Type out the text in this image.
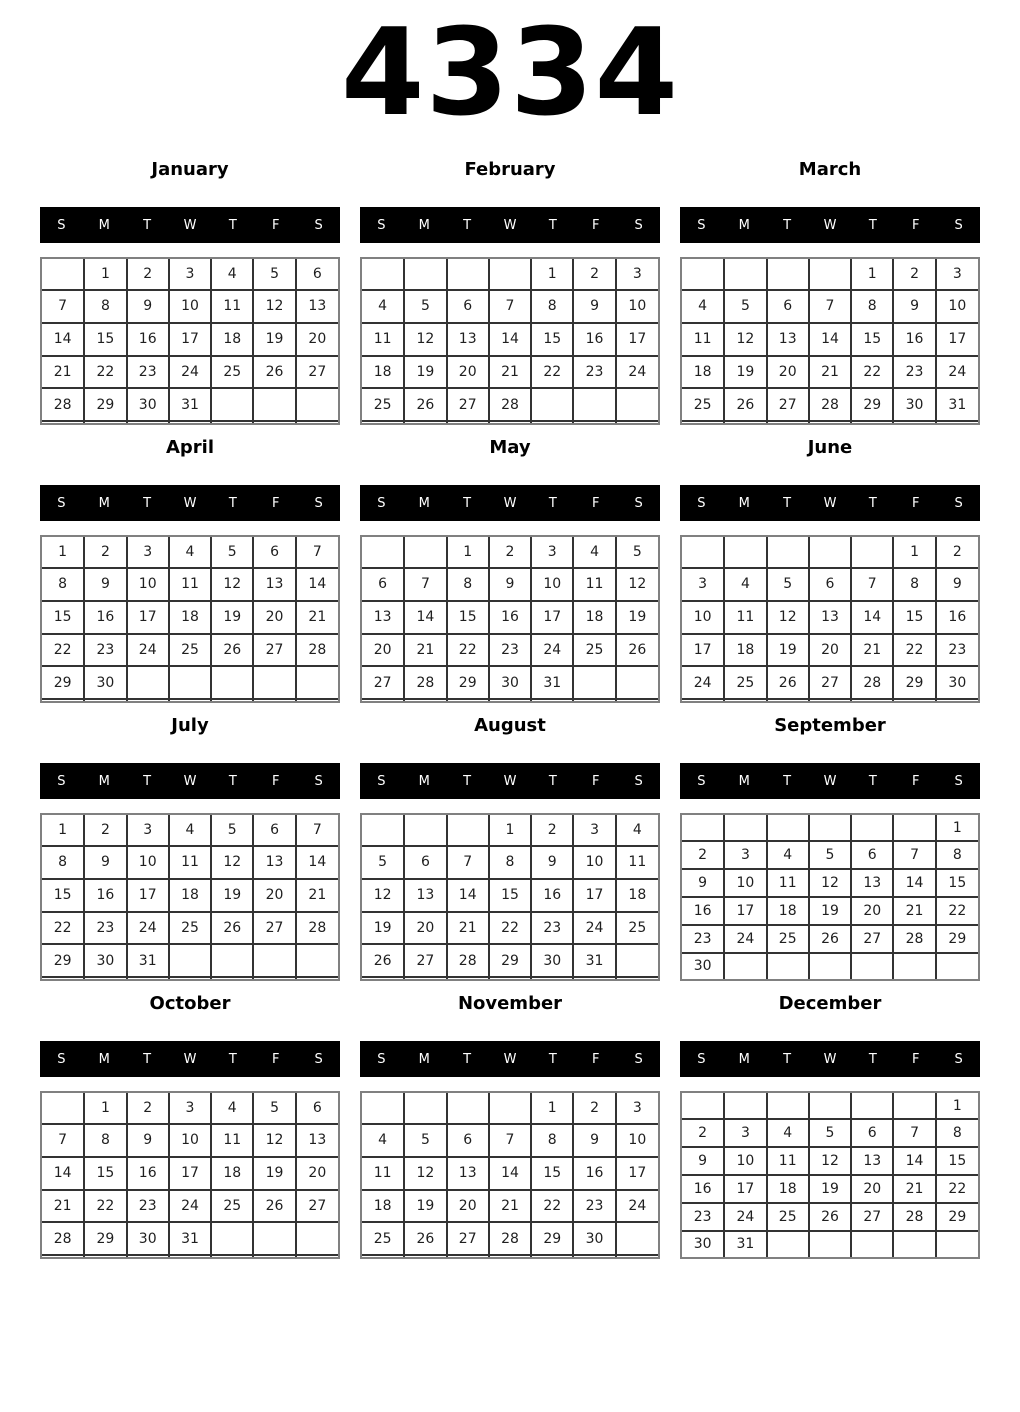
4334
January
S	M	T	W	T	F	S
	1	2	3	4	5	6
7	8	9	10	11	12	13
14	15	16	17	18	19	20
21	22	23	24	25	26	27
28	29	30	31			

February
S	M	T	W	T	F	S
				1	2	3
4	5	6	7	8	9	10
11	12	13	14	15	16	17
18	19	20	21	22	23	24
25	26	27	28			

March
S	M	T	W	T	F	S
				1	2	3
4	5	6	7	8	9	10
11	12	13	14	15	16	17
18	19	20	21	22	23	24
25	26	27	28	29	30	31

April
S	M	T	W	T	F	S
1	2	3	4	5	6	7
8	9	10	11	12	13	14
15	16	17	18	19	20	21
22	23	24	25	26	27	28
29	30					

May
S	M	T	W	T	F	S
		1	2	3	4	5
6	7	8	9	10	11	12
13	14	15	16	17	18	19
20	21	22	23	24	25	26
27	28	29	30	31		

June
S	M	T	W	T	F	S
					1	2
3	4	5	6	7	8	9
10	11	12	13	14	15	16
17	18	19	20	21	22	23
24	25	26	27	28	29	30

July
S	M	T	W	T	F	S
1	2	3	4	5	6	7
8	9	10	11	12	13	14
15	16	17	18	19	20	21
22	23	24	25	26	27	28
29	30	31				

August
S	M	T	W	T	F	S
			1	2	3	4
5	6	7	8	9	10	11
12	13	14	15	16	17	18
19	20	21	22	23	24	25
26	27	28	29	30	31	

September
S	M	T	W	T	F	S
						1
2	3	4	5	6	7	8
9	10	11	12	13	14	15
16	17	18	19	20	21	22
23	24	25	26	27	28	29
30						
October
S	M	T	W	T	F	S
	1	2	3	4	5	6
7	8	9	10	11	12	13
14	15	16	17	18	19	20
21	22	23	24	25	26	27
28	29	30	31			

November
S	M	T	W	T	F	S
				1	2	3
4	5	6	7	8	9	10
11	12	13	14	15	16	17
18	19	20	21	22	23	24
25	26	27	28	29	30	

December
S	M	T	W	T	F	S
						1
2	3	4	5	6	7	8
9	10	11	12	13	14	15
16	17	18	19	20	21	22
23	24	25	26	27	28	29
30	31					
